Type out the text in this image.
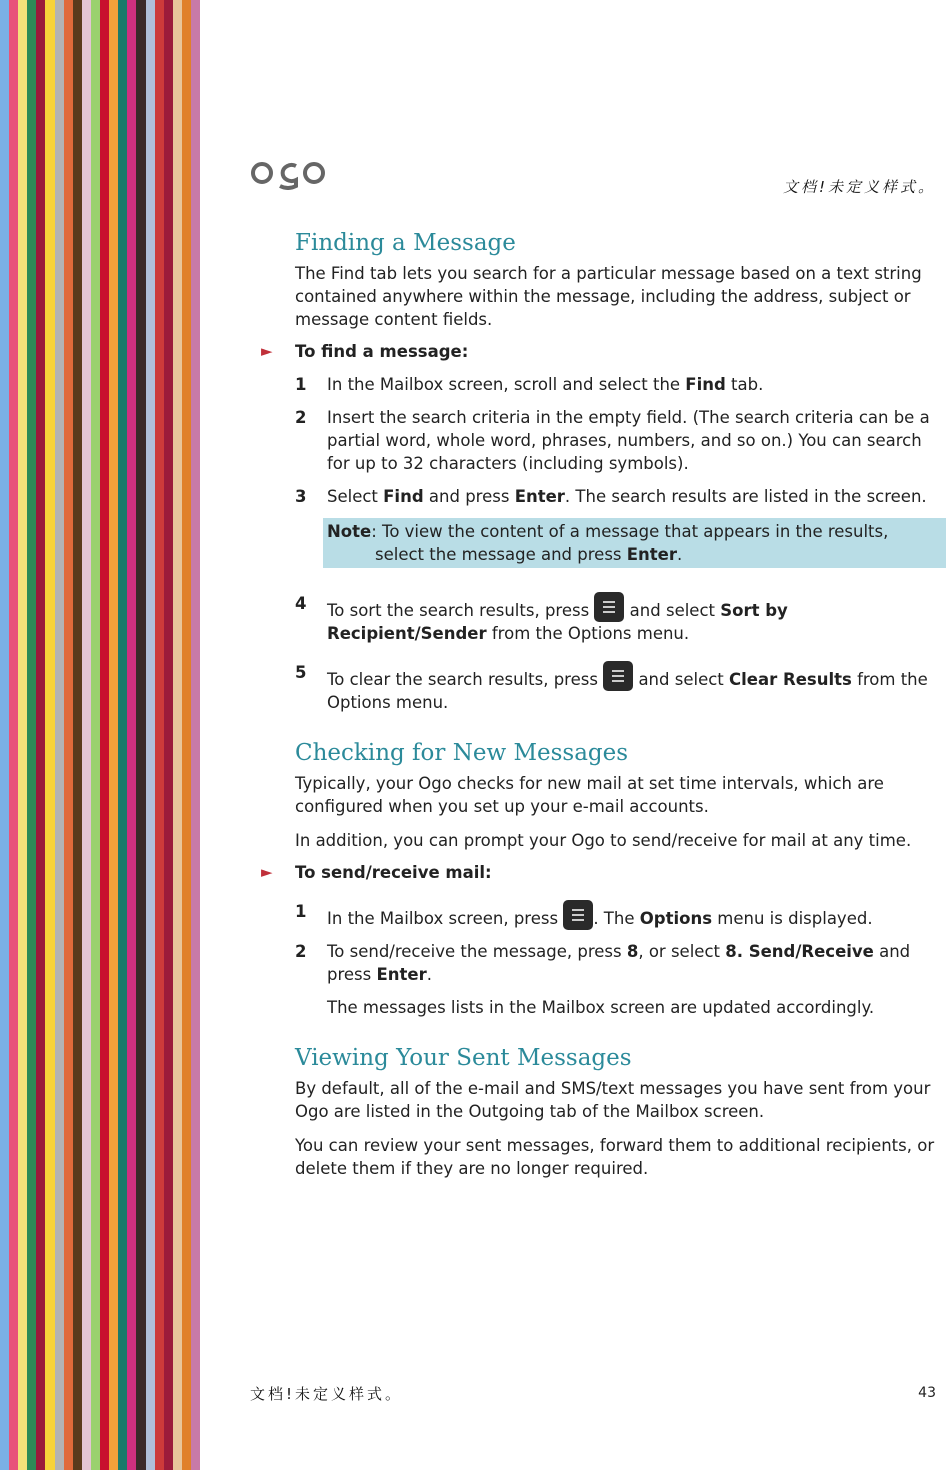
文档!未定义样式。
Finding a Message

The Find tab lets you search for a particular message based on a text string contained anywhere within the message, including the address, subject or message content fields.

► To find a message:
1 In the Mailbox screen, scroll and select the Find tab.
2 Insert the search criteria in the empty field. (The search criteria can be a partial word, whole word, phrases, numbers, and so on.) You can search for up to 32 characters (including symbols).
3 Select Find and press Enter. The search results are listed in the screen.
Note: To view the content of a message that appears in the results,
select the message and press Enter.
4 To sort the search results, press  and select Sort by Recipient/Sender from the Options menu.
5 To clear the search results, press  and select Clear Results from the Options menu.
Checking for New Messages

Typically, your Ogo checks for new mail at set time intervals, which are configured when you set up your e-mail accounts.

In addition, you can prompt your Ogo to send/receive for mail at any time.

► To send/receive mail:
1 In the Mailbox screen, press . The Options menu is displayed.
2 To send/receive the message, press 8, or select 8. Send/Receive and press Enter.
The messages lists in the Mailbox screen are updated accordingly.
Viewing Your Sent Messages

By default, all of the e-mail and SMS/text messages you have sent from your Ogo are listed in the Outgoing tab of the Mailbox screen.

You can review your sent messages, forward them to additional recipients, or delete them if they are no longer required.

文档!未定义样式。	43
